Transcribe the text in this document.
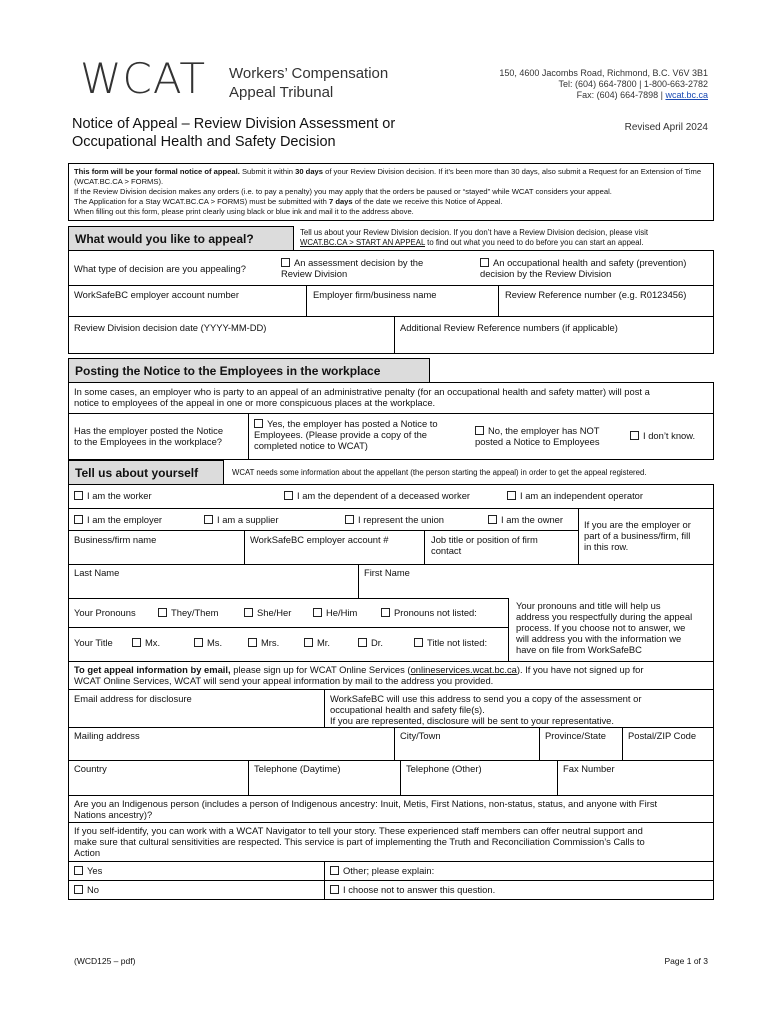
WCAT Workers’ Compensation
Appeal Tribunal
150, 4600 Jacombs Road, Richmond, B.C. V6V 3B1
Tel: (604) 664-7800 | 1-800-663-2782
Fax: (604) 664-7898 | wcat.bc.ca
Notice of Appeal – Review Division Assessment or
Occupational Health and Safety Decision
Revised April 2024
This form will be your formal notice of appeal. Submit it within 30 days of your Review Division decision. If it’s been more than 30 days, also submit a Request for an Extension of Time (WCAT.BC.CA > FORMS).
If the Review Division decision makes any orders (i.e. to pay a penalty) you may apply that the orders be paused or “stayed” while WCAT considers your appeal.
The Application for a Stay WCAT.BC.CA > FORMS) must be submitted with 7 days of the date we receive this Notice of Appeal.
When filling out this form, please print clearly using black or blue ink and mail it to the address above.
What would you like to appeal?	Tell us about your Review Division decision. If you don’t have a Review Division decision, please visit
WCAT.BC.CA > START AN APPEAL to find out what you need to do before you can start an appeal.
What type of decision are you appealing?
An assessment decision by the
Review Division
An occupational health and safety (prevention)
decision by the Review Division
WorkSafeBC employer account number	Employer firm/business name	Review Reference number (e.g. R0123456)
Review Division decision date (YYYY-MM-DD)	Additional Review Reference numbers (if applicable)
Posting the Notice to the Employees in the workplace
In some cases, an employer who is party to an appeal of an administrative penalty (for an occupational health and safety matter) will post a
notice to employees of the appeal in one or more conspicuous places at the workplace.
Has the employer posted the Notice
to the Employees in the workplace?
Yes, the employer has posted a Notice to
Employees. (Please provide a copy of the
completed notice to WCAT)
No, the employer has NOT
posted a Notice to Employees
I don’t know.
Tell us about yourself	WCAT needs some information about the appellant (the person starting the appeal) in order to get the appeal registered.
I am the worker	I am the dependent of a deceased worker	I am an independent operator
I am the employer	I am a supplier	I represent the union	I am the owner If you are the employer or
part of a business/firm, fill
in this row.
Business/firm name	WorkSafeBC employer account #	Job title or position of firm
contact
Last Name	First Name
Your Pronouns	They/Them	She/Her	He/Him	Pronouns not listed:
Your Title	Mx.	Ms.	Mrs.	Mr.	Dr.	Title not listed:
Your pronouns and title will help us
address you respectfully during the appeal
process. If you choose not to answer, we
will address you with the information we
have on file from WorkSafeBC
To get appeal information by email, please sign up for WCAT Online Services (onlineservices.wcat.bc.ca). If you have not signed up for
WCAT Online Services, WCAT will send your appeal information by mail to the address you provided.
Email address for disclosure	WorkSafeBC will use this address to send you a copy of the assessment or
occupational health and safety file(s).
If you are represented, disclosure will be sent to your representative.
Mailing address	City/Town	Province/State Postal/ZIP Code
Country	Telephone (Daytime)	Telephone (Other)	Fax Number
Are you an Indigenous person (includes a person of Indigenous ancestry: Inuit, Metis, First Nations, non-status, status, and anyone with First
Nations ancestry)?
If you self-identify, you can work with a WCAT Navigator to tell your story. These experienced staff members can offer neutral support and
make sure that cultural sensitivities are respected. This service is part of implementing the Truth and Reconciliation Commission’s Calls to
Action
Yes	Other; please explain:
No	I choose not to answer this question.
(WCD125 – pdf)	Page 1 of 3
